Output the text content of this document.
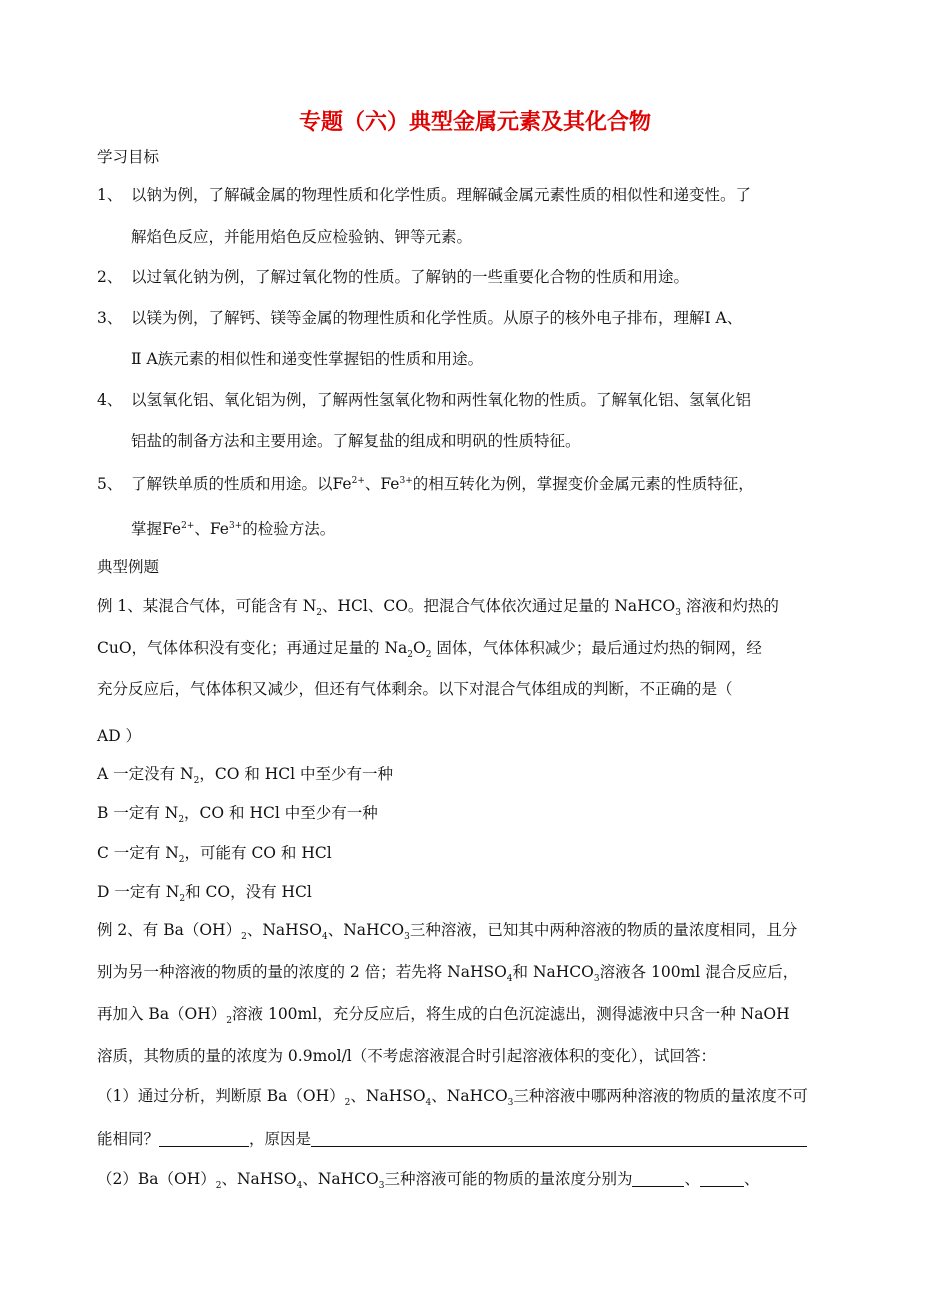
专题（六）典型金属元素及其化合物
学习目标
1、 以钠为例，了解碱金属的物理性质和化学性质。理解碱金属元素性质的相似性和递变性。了
解焰色反应，并能用焰色反应检验钠、钾等元素。
2、 以过氧化钠为例，了解过氧化物的性质。了解钠的一些重要化合物的性质和用途。
3、 以镁为例，了解钙、镁等金属的物理性质和化学性质。从原子的核外电子排布，理解Ⅰ A、
Ⅱ A族元素的相似性和递变性掌握铝的性质和用途。
4、 以氢氧化铝、氧化铝为例，了解两性氢氧化物和两性氧化物的性质。了解氧化铝、氢氧化铝
铝盐的制备方法和主要用途。了解复盐的组成和明矾的性质特征。
5、 了解铁单质的性质和用途。以$Fe^{2+}$、$Fe^{3+}$的相互转化为例，掌握变价金属元素的性质特征，
掌握$Fe^{2+}$、$Fe^{3+}$的检验方法。
典型例题
例 1、某混合气体，可能含有 $N_2$、HCl、CO。把混合气体依次通过足量的 NaHCO$_3$ 溶液和灼热的
CuO，气体体积没有变化；再通过足量的 $Na_2O_2$ 固体，气体体积减少；最后通过灼热的铜网，经
充分反应后，气体体积又减少，但还有气体剩余。以下对混合气体组成的判断，不正确的是（
AD ）
A 一定没有 $N_2$，CO 和 HCl 中至少有一种
B 一定有 $N_2$，CO 和 HCl 中至少有一种
C 一定有 $N_2$，可能有 CO 和 HCl
D 一定有 $N_2$和 CO，没有 HCl
例 2、有 $Ba(OH)_2$、NaHSO$_4$、NaHCO$_3$三种溶液，已知其中两种溶液的物质的量浓度相同，且分
别为另一种溶液的物质的量的浓度的 2 倍；若先将 NaHSO$_4$和 NaHCO$_3$溶液各 100ml 混合反应后，
再加入 $Ba(OH)_2$溶液 100ml，充分反应后，将生成的白色沉淀滤出，测得滤液中只含一种 NaOH
溶质，其物质的量的浓度为 0.9mol/l（不考虑溶液混合时引起溶液体积的变化），试回答：
（1）通过分析，判断原 $Ba(OH)_2$、NaHSO$_4$、NaHCO$_3$三种溶液中哪两种溶液的物质的量浓度不可
能相同？	，原因是
$(2)Ba(OH)_2$、NaHSO$_4$、NaHCO$_3$三种溶液可能的物质的量浓度分别为	、	、
